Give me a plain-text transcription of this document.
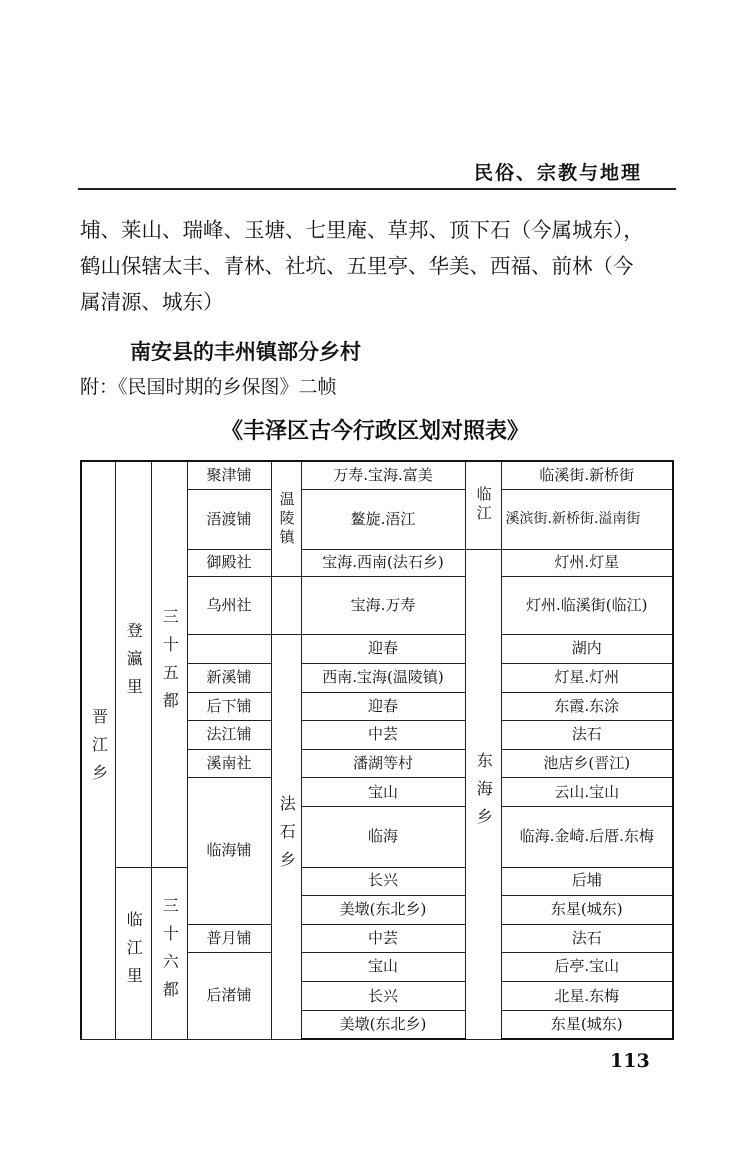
民俗、宗教与地理
埔、莱山、瑞峰、玉塘、七里庵、草邦、顶下石（今属城东），
鹤山保辖太丰、青林、社坑、五里亭、华美、西福、前林（今
属清源、城东）
南安县的丰州镇部分乡村
附：《民国时期的乡保图》二帧
《丰泽区古今行政区划对照表》
晋江乡	登瀛里	三十五都	聚津铺	温陵镇	万寿.宝海.富美	临江	临溪街.新桥街
			浯渡铺		鳌旋.浯江		溪滨街.新桥街.溢南街
			御殿社		宝海.西南(法石乡)	东海乡	灯州.灯星
			乌州社		宝海.万寿		灯州.临溪街(临江)
				法石乡	迎春		湖内
			新溪铺		西南.宝海(温陵镇)		灯星.灯州
			后下铺		迎春		东霞.东涂
			法江铺		中芸		法石
			溪南社		潘湖等村		池店乡(晋江)
			临海铺		宝山		云山.宝山
					临海		临海.金崎.后厝.东梅
	临江里	三十六都			长兴		后埔
					美墩(东北乡)		东星(城东)
			普月铺		中芸		法石
			后渚铺		宝山		后亭.宝山
					长兴		北星.东梅
					美墩(东北乡)		东星(城东)
113
